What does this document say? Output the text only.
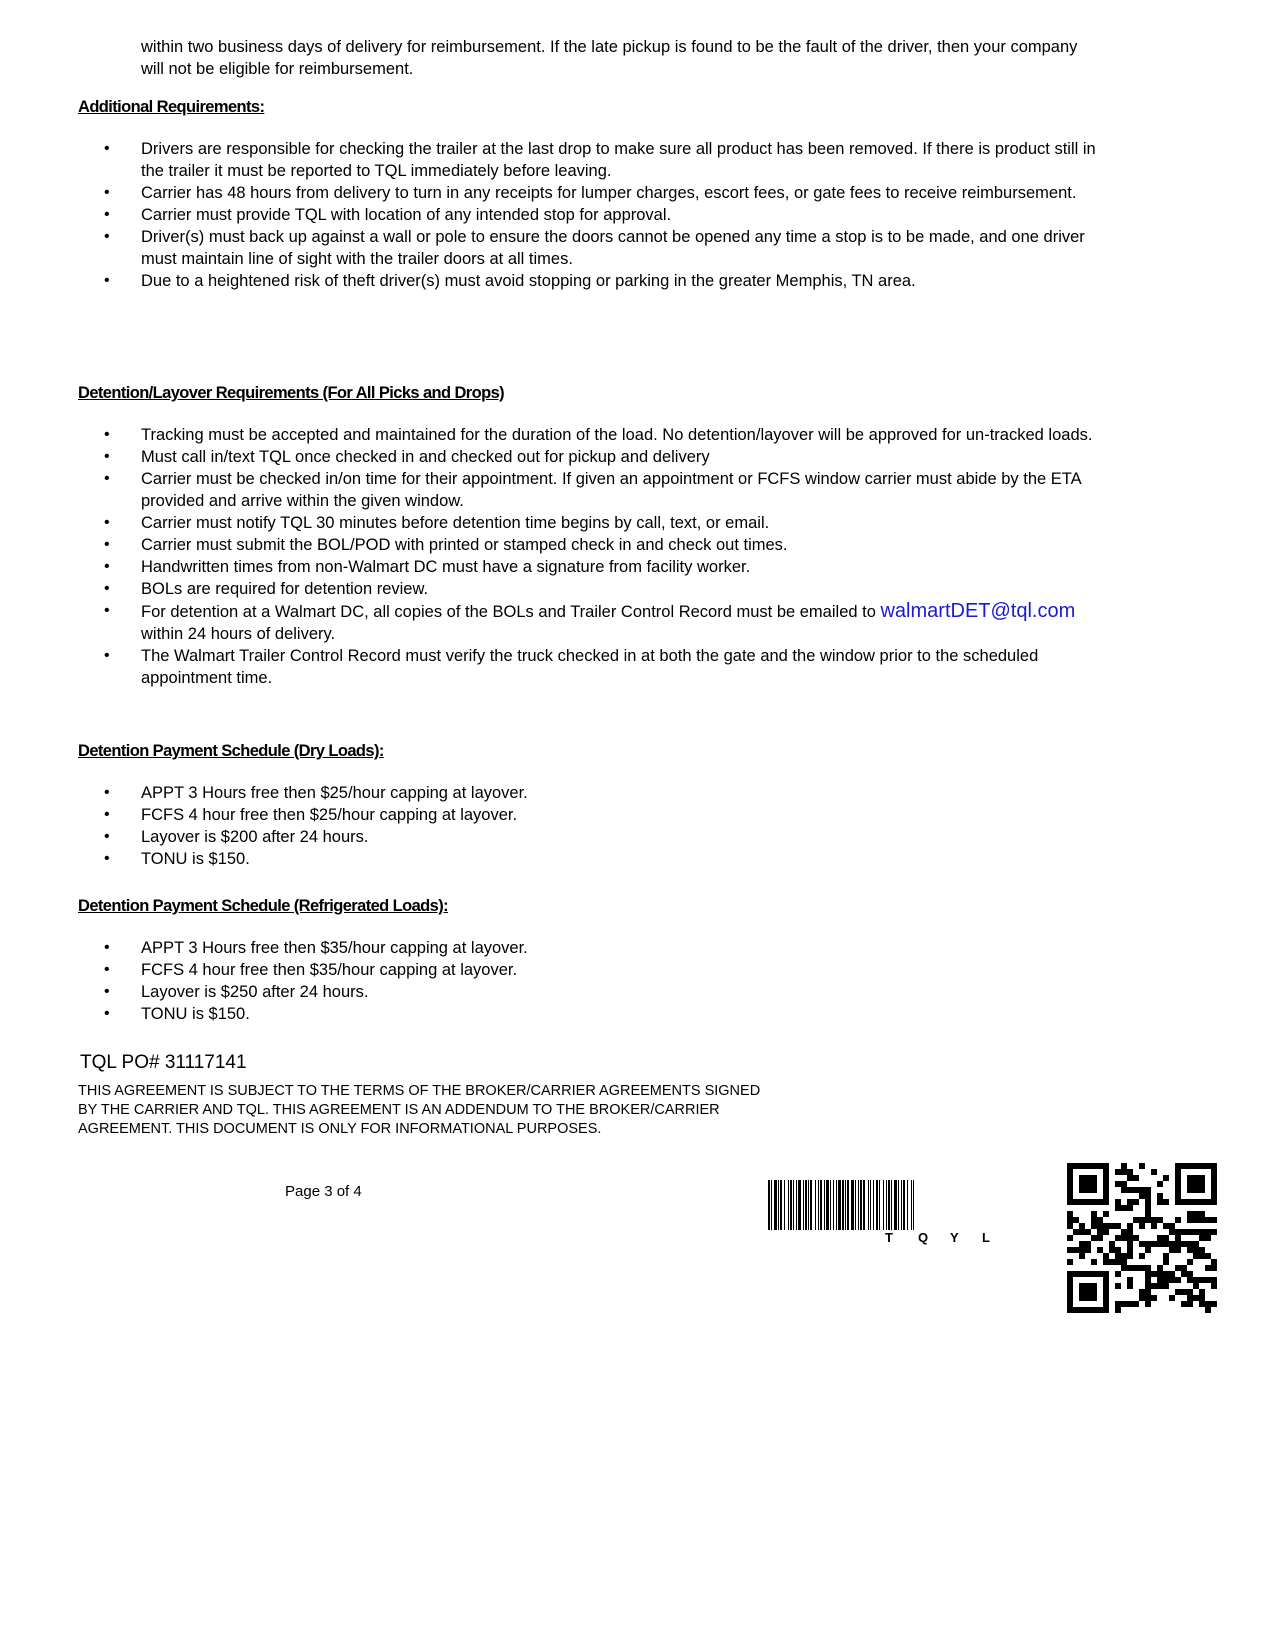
within two business days of delivery for reimbursement. If the late pickup is found to be the fault of the driver, then your company will not be eligible for reimbursement.

Additional Requirements:
• Drivers are responsible for checking the trailer at the last drop to make sure all product has been removed. If there is product still in the trailer it must be reported to TQL immediately before leaving.
• Carrier has 48 hours from delivery to turn in any receipts for lumper charges, escort fees, or gate fees to receive reimbursement.
• Carrier must provide TQL with location of any intended stop for approval.
• Driver(s) must back up against a wall or pole to ensure the doors cannot be opened any time a stop is to be made, and one driver must maintain line of sight with the trailer doors at all times.
• Due to a heightened risk of theft driver(s) must avoid stopping or parking in the greater Memphis, TN area.
Detention/Layover Requirements (For All Picks and Drops)
• Tracking must be accepted and maintained for the duration of the load. No detention/layover will be approved for un-tracked loads.
• Must call in/text TQL once checked in and checked out for pickup and delivery
• Carrier must be checked in/on time for their appointment. If given an appointment or FCFS window carrier must abide by the ETA provided and arrive within the given window.
• Carrier must notify TQL 30 minutes before detention time begins by call, text, or email.
• Carrier must submit the BOL/POD with printed or stamped check in and check out times.
• Handwritten times from non-Walmart DC must have a signature from facility worker.
• BOLs are required for detention review.
• For detention at a Walmart DC, all copies of the BOLs and Trailer Control Record must be emailed to walmartDET@tql.com within 24 hours of delivery.
• The Walmart Trailer Control Record must verify the truck checked in at both the gate and the window prior to the scheduled appointment time.
Detention Payment Schedule (Dry Loads):
• APPT 3 Hours free then $25/hour capping at layover.
• FCFS 4 hour free then $25/hour capping at layover.
• Layover is $200 after 24 hours.
• TONU is $150.
Detention Payment Schedule (Refrigerated Loads):
• APPT 3 Hours free then $35/hour capping at layover.
• FCFS 4 hour free then $35/hour capping at layover.
• Layover is $250 after 24 hours.
• TONU is $150.

TQL PO# 31117141

THIS AGREEMENT IS SUBJECT TO THE TERMS OF THE BROKER/CARRIER AGREEMENTS SIGNED BY THE CARRIER AND TQL. THIS AGREEMENT IS AN ADDENDUM TO THE BROKER/CARRIER AGREEMENT. THIS DOCUMENT IS ONLY FOR INFORMATIONAL PURPOSES.

Page 3 of 4

T Q Y L
